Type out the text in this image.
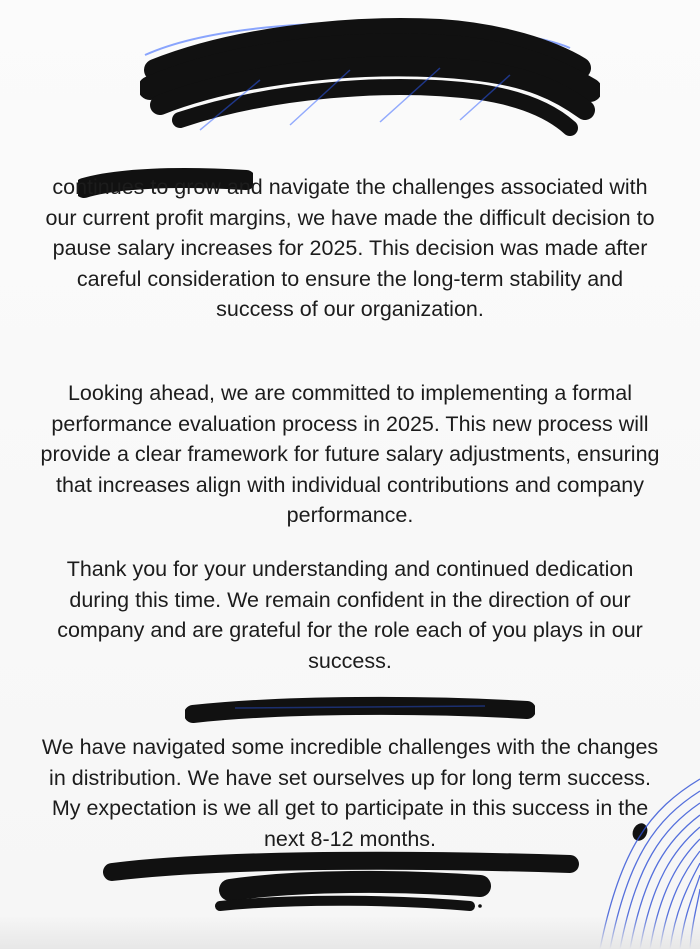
continues to grow and navigate the challenges associated with our current profit margins, we have made the difficult decision to pause salary increases for 2025. This decision was made after careful consideration to ensure the long-term stability and success of our organization.

Looking ahead, we are committed to implementing a formal performance evaluation process in 2025. This new process will provide a clear framework for future salary adjustments, ensuring that increases align with individual contributions and company performance.

Thank you for your understanding and continued dedication during this time. We remain confident in the direction of our company and are grateful for the role each of you plays in our success.

We have navigated some incredible challenges with the changes in distribution. We have set ourselves up for long term success. My expectation is we all get to participate in this success in the next 8-12 months.
